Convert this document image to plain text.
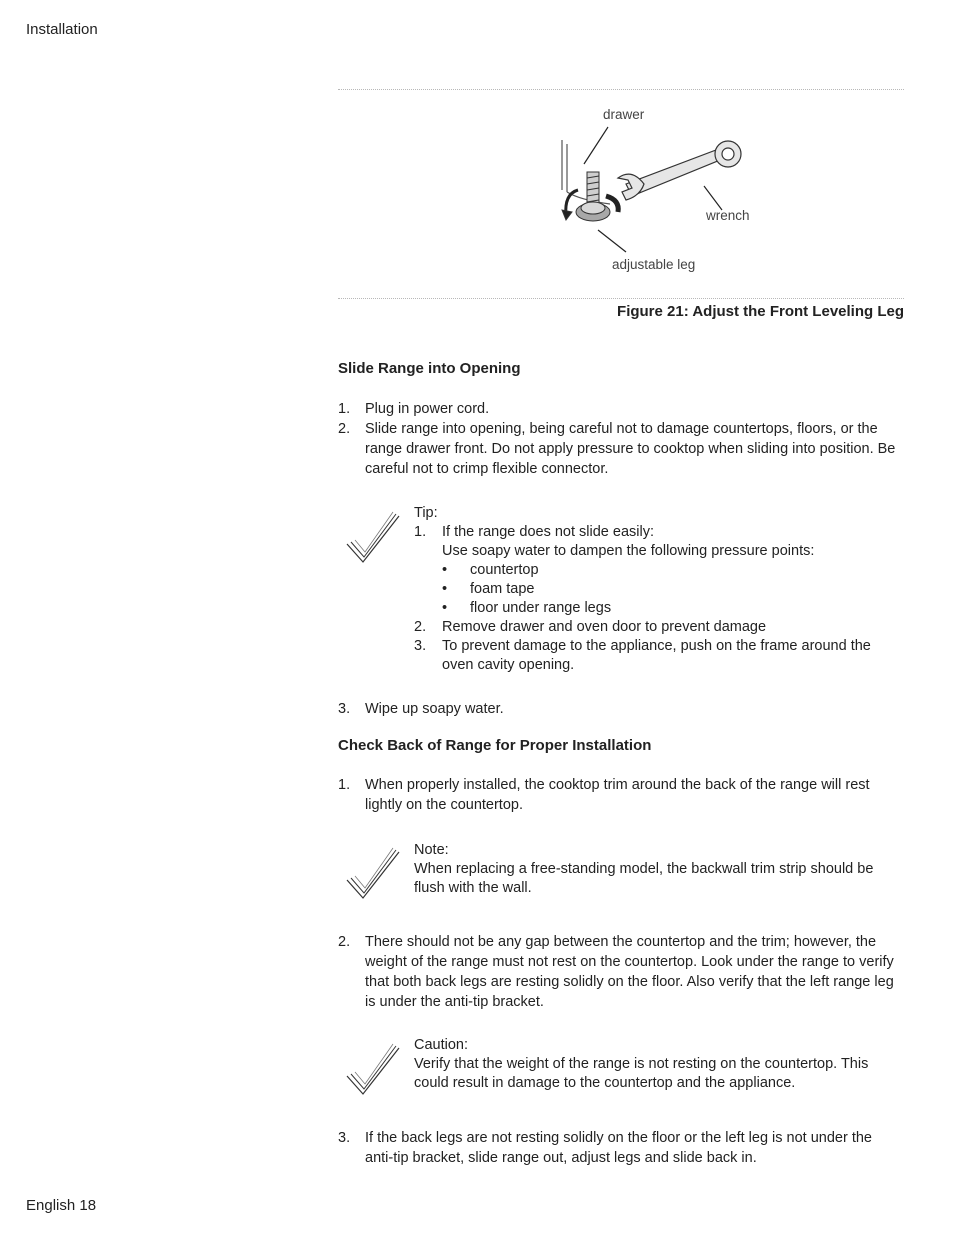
Installation
English 18
drawer
wrench
adjustable leg
Figure 21: Adjust the Front Leveling Leg
Slide Range into Opening
1. Plug in power cord.
2. Slide range into opening, being careful not to damage countertops, floors, or the range drawer front. Do not apply pressure to cooktop when sliding into position. Be careful not to crimp flexible connector.
Tip:
1. If the range does not slide easily:
Use soapy water to dampen the following pressure points:
• countertop
• foam tape
• floor under range legs
2. Remove drawer and oven door to prevent damage
3. To prevent damage to the appliance, push on the frame around the oven cavity opening.
3. Wipe up soapy water.
Check Back of Range for Proper Installation
1. When properly installed, the cooktop trim around the back of the range will rest lightly on the countertop.
Note:
When replacing a free-standing model, the backwall trim strip should be flush with the wall.
2. There should not be any gap between the countertop and the trim; however, the weight of the range must not rest on the countertop. Look under the range to verify that both back legs are resting solidly on the floor. Also verify that the left range leg is under the anti-tip bracket.
Caution:
Verify that the weight of the range is not resting on the countertop. This could result in damage to the countertop and the appliance.
3. If the back legs are not resting solidly on the floor or the left leg is not under the anti-tip bracket, slide range out, adjust legs and slide back in.
